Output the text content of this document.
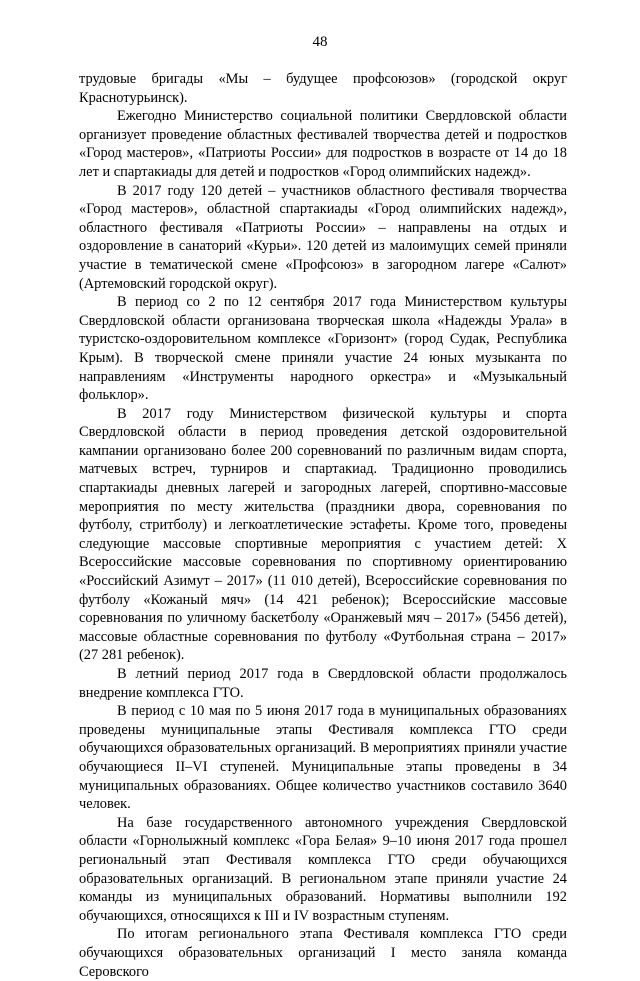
48

трудовые бригады «Мы – будущее профсоюзов» (городской округ Краснотурьинск).

Ежегодно Министерство социальной политики Свердловской области организует проведение областных фестивалей творчества детей и подростков «Город мастеров», «Патриоты России» для подростков в возрасте от 14 до 18 лет и спартакиады для детей и подростков «Город олимпийских надежд».

В 2017 году 120 детей – участников областного фестиваля творчества «Город мастеров», областной спартакиады «Город олимпийских надежд», областного фестиваля «Патриоты России» – направлены на отдых и оздоровление в санаторий «Курьи». 120 детей из малоимущих семей приняли участие в тематической смене «Профсоюз» в загородном лагере «Салют» (Артемовский городской округ).

В период со 2 по 12 сентября 2017 года Министерством культуры Свердловской области организована творческая школа «Надежды Урала» в туристско-оздоровительном комплексе «Горизонт» (город Судак, Республика Крым). В творческой смене приняли участие 24 юных музыканта по направлениям «Инструменты народного оркестра» и «Музыкальный фольклор».

В 2017 году Министерством физической культуры и спорта Свердловской области в период проведения детской оздоровительной кампании организовано более 200 соревнований по различным видам спорта, матчевых встреч, турниров и спартакиад. Традиционно проводились спартакиады дневных лагерей и загородных лагерей, спортивно-массовые мероприятия по месту жительства (праздники двора, соревнования по футболу, стритболу) и легкоатлетические эстафеты. Кроме того, проведены следующие массовые спортивные мероприятия с участием детей: X Всероссийские массовые соревнования по спортивному ориентированию «Российский Азимут – 2017» (11 010 детей), Всероссийские соревнования по футболу «Кожаный мяч» (14 421 ребенок); Всероссийские массовые соревнования по уличному баскетболу «Оранжевый мяч – 2017» (5456 детей), массовые областные соревнования по футболу «Футбольная страна – 2017» (27 281 ребенок).

В летний период 2017 года в Свердловской области продолжалось внедрение комплекса ГТО.

В период с 10 мая по 5 июня 2017 года в муниципальных образованиях проведены муниципальные этапы Фестиваля комплекса ГТО среди обучающихся образовательных организаций. В мероприятиях приняли участие обучающиеся II–VI ступеней. Муниципальные этапы проведены в 34 муниципальных образованиях. Общее количество участников составило 3640 человек.

На базе государственного автономного учреждения Свердловской области «Горнолыжный комплекс «Гора Белая» 9–10 июня 2017 года прошел региональный этап Фестиваля комплекса ГТО среди обучающихся образовательных организаций. В региональном этапе приняли участие 24 команды из муниципальных образований. Нормативы выполнили 192 обучающихся, относящихся к III и IV возрастным ступеням.

По итогам регионального этапа Фестиваля комплекса ГТО среди обучающихся образовательных организаций I место заняла команда Серовского
